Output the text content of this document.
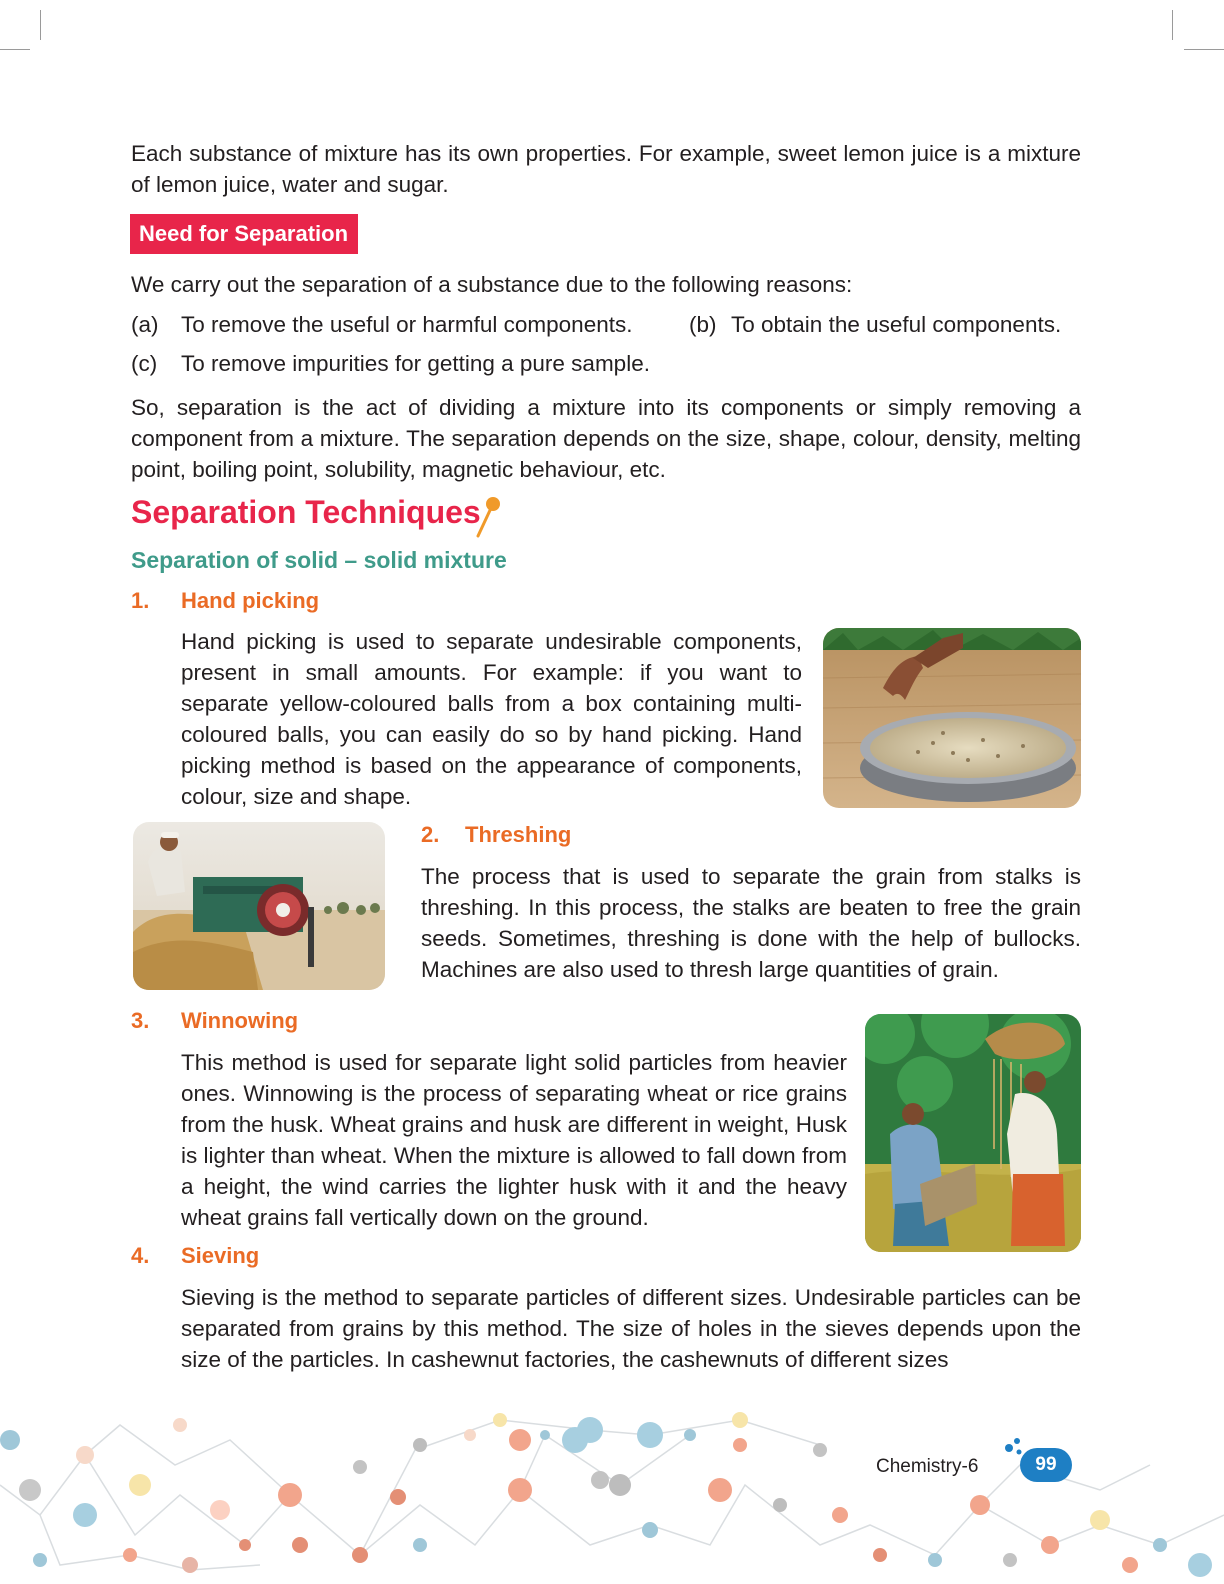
Each substance of mixture has its own properties. For example, sweet lemon juice is a mixture of lemon juice, water and sugar.

Need for Separation

We carry out the separation of a substance due to the following reasons:

(a) To remove the useful or harmful components.	(b) To obtain the useful components.
(c) To remove impurities for getting a pure sample.

So, separation is the act of dividing a mixture into its components or simply removing a component from a mixture. The separation depends on the size, shape, colour, density, melting point, boiling point, solubility, magnetic behaviour, etc.

Separation Techniques
Separation of solid – solid mixture
1. Hand picking

Hand picking is used to separate undesirable components, present in small amounts. For example: if you want to separate yellow-coloured balls from a box containing multi-coloured balls, you can easily do so by hand picking. Hand picking method is based on the appearance of components, colour, size and shape.

2. Threshing

The process that is used to separate the grain from stalks is threshing. In this process, the stalks are beaten to free the grain seeds. Sometimes, threshing is done with the help of bullocks. Machines are also used to thresh large quantities of grain.

3. Winnowing

This method is used for separate light solid particles from heavier ones. Winnowing is the process of separating wheat or rice grains from the husk. Wheat grains and husk are different in weight, Husk is lighter than wheat. When the mixture is allowed to fall down from a height, the wind carries the lighter husk with it and the heavy wheat grains fall vertically down on the ground.

4. Sieving

Sieving is the method to separate particles of different sizes. Undesirable particles can be separated from grains by this method. The size of holes in the sieves depends upon the size of the particles. In cashewnut factories, the cashewnuts of different sizes

Chemistry-6	99
